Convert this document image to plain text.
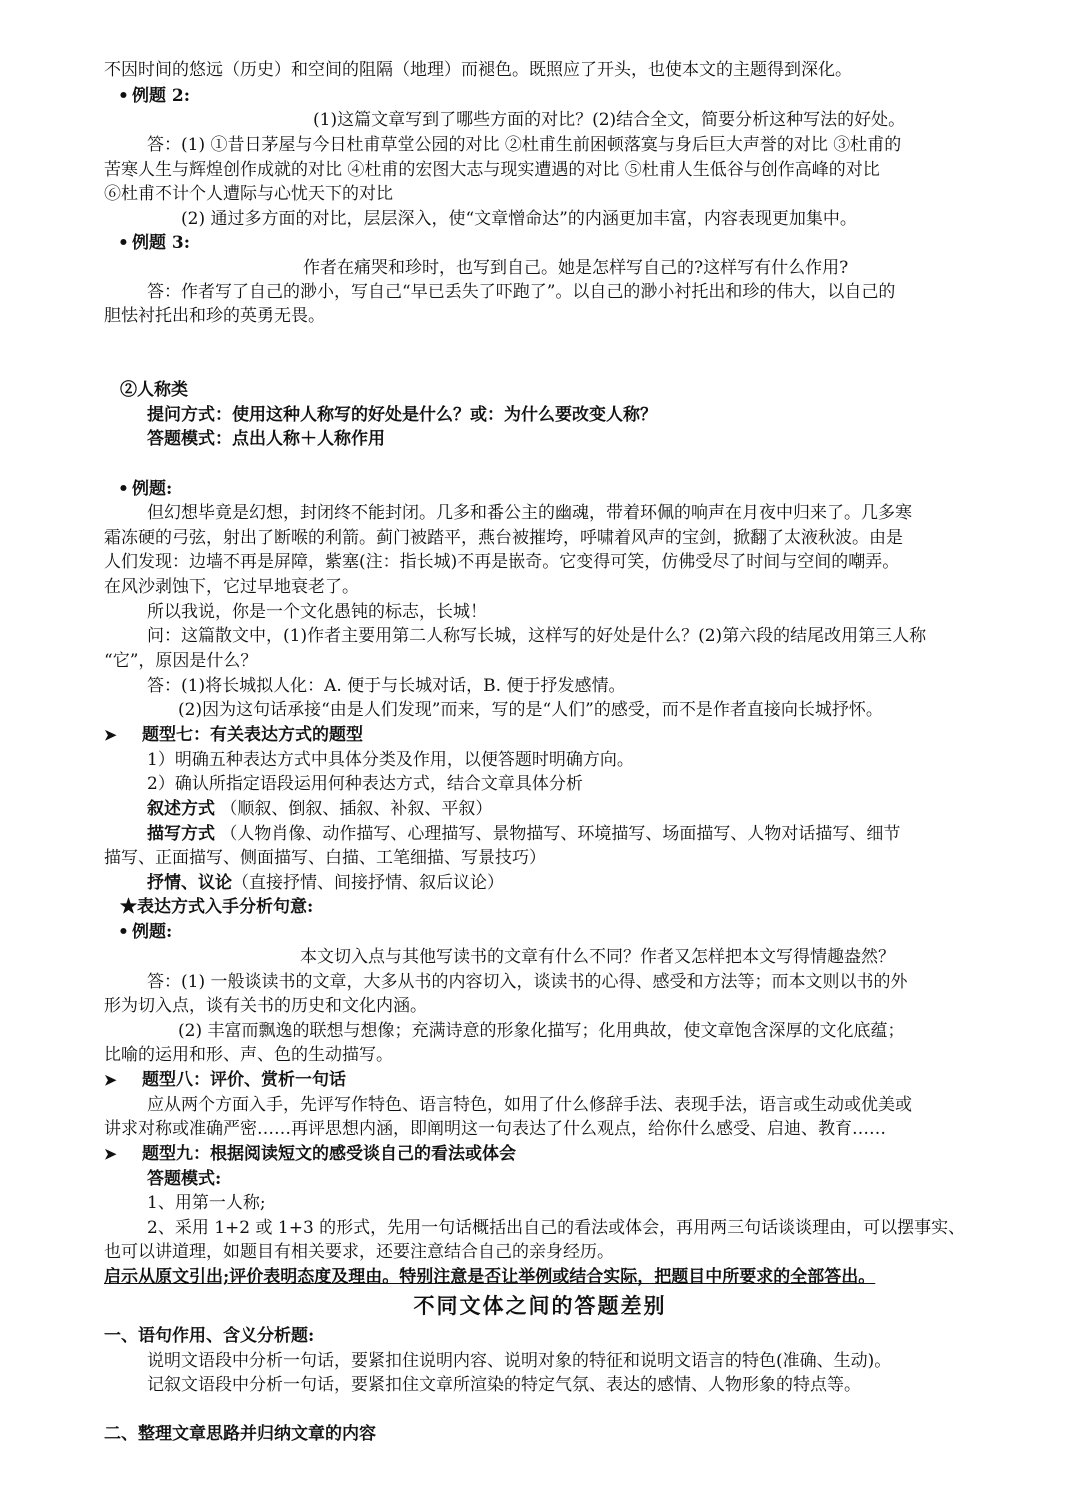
不因时间的悠远（历史）和空间的阻隔（地理）而褪色。既照应了开头，也使本文的主题得到深化。
• 例题 2:
(1)这篇文章写到了哪些方面的对比？(2)结合全文，简要分析这种写法的好处。
答：(1) ①昔日茅屋与今日杜甫草堂公园的对比 ②杜甫生前困顿落寞与身后巨大声誉的对比 ③杜甫的
苦寒人生与辉煌创作成就的对比 ④杜甫的宏图大志与现实遭遇的对比 ⑤杜甫人生低谷与创作高峰的对比
⑥杜甫不计个人遭际与心忧天下的对比
(2) 通过多方面的对比，层层深入，使“文章憎命达”的内涵更加丰富，内容表现更加集中。
• 例题 3:
作者在痛哭和珍时，也写到自己。她是怎样写自己的?这样写有什么作用?
答：作者写了自己的渺小，写自己“早已丢失了吓跑了”。以自己的渺小衬托出和珍的伟大，以自己的
胆怯衬托出和珍的英勇无畏。
②人称类
提问方式：使用这种人称写的好处是什么？或：为什么要改变人称？
答题模式：点出人称＋人称作用
• 例题:
但幻想毕竟是幻想，封闭终不能封闭。几多和番公主的幽魂，带着环佩的响声在月夜中归来了。几多寒
霜冻硬的弓弦，射出了断喉的利箭。蓟门被踏平，燕台被摧垮，呼啸着风声的宝剑，掀翻了太液秋波。由是
人们发现：边墙不再是屏障，紫塞(注：指长城)不再是嵌奇。它变得可笑，仿佛受尽了时间与空间的嘲弄。
在风沙剥蚀下，它过早地衰老了。
所以我说，你是一个文化愚钝的标志，长城！
问：这篇散文中，(1)作者主要用第二人称写长城，这样写的好处是什么？(2)第六段的结尾改用第三人称
“它”，原因是什么？
答：(1)将长城拟人化：A. 便于与长城对话，B. 便于抒发感情。
(2)因为这句话承接“由是人们发现”而来，写的是“人们”的感受，而不是作者直接向长城抒怀。
➤ 题型七：有关表达方式的题型
1）明确五种表达方式中具体分类及作用，以便答题时明确方向。
2）确认所指定语段运用何种表达方式，结合文章具体分析
叙述方式 （顺叙、倒叙、插叙、补叙、平叙）
描写方式 （人物肖像、动作描写、心理描写、景物描写、环境描写、场面描写、人物对话描写、细节
描写、正面描写、侧面描写、白描、工笔细描、写景技巧）
抒情、议论（直接抒情、间接抒情、叙后议论）
★表达方式入手分析句意:
• 例题:
本文切入点与其他写读书的文章有什么不同？作者又怎样把本文写得情趣盎然？
答：(1) 一般谈读书的文章，大多从书的内容切入，谈读书的心得、感受和方法等；而本文则以书的外
形为切入点，谈有关书的历史和文化内涵。
(2) 丰富而飘逸的联想与想像；充满诗意的形象化描写；化用典故，使文章饱含深厚的文化底蕴；
比喻的运用和形、声、色的生动描写。
➤ 题型八：评价、赏析一句话
应从两个方面入手，先评写作特色、语言特色，如用了什么修辞手法、表现手法，语言或生动或优美或
讲求对称或准确严密……再评思想内涵，即阐明这一句表达了什么观点，给你什么感受、启迪、教育……
➤ 题型九：根据阅读短文的感受谈自己的看法或体会
答题模式:
1、用第一人称;
2、采用 1+2 或 1+3 的形式，先用一句话概括出自己的看法或体会，再用两三句话谈谈理由，可以摆事实、
也可以讲道理，如题目有相关要求，还要注意结合自己的亲身经历。
启示从原文引出;评价表明态度及理由。特别注意是否让举例或结合实际，把题目中所要求的全部答出。
不同文体之间的答题差别
一、语句作用、含义分析题:
说明文语段中分析一句话，要紧扣住说明内容、说明对象的特征和说明文语言的特色(准确、生动)。
记叙文语段中分析一句话，要紧扣住文章所渲染的特定气氛、表达的感情、人物形象的特点等。
二、整理文章思路并归纳文章的内容
